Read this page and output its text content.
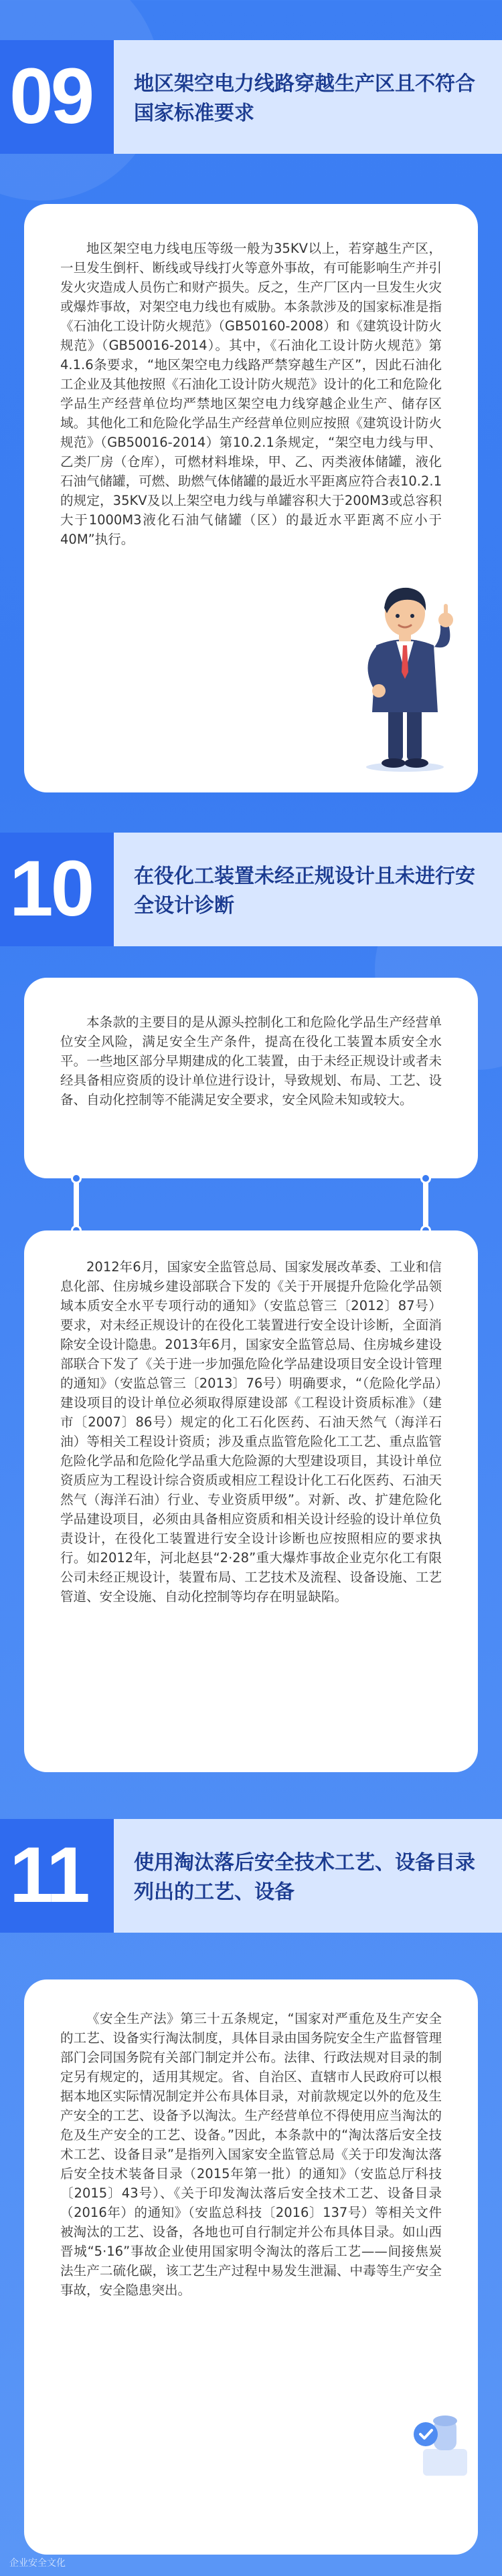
09	地区架空电力线路穿越生产区且不符合国家标准要求

地区架空电力线电压等级一般为35KV以上，若穿越生产区，一旦发生倒杆、断线或导线打火等意外事故，有可能影响生产并引发火灾造成人员伤亡和财产损失。反之，生产厂区内一旦发生火灾或爆炸事故，对架空电力线也有威胁。本条款涉及的国家标准是指《石油化工设计防火规范》（GB50160-2008）和《建筑设计防火规范》（GB50016-2014）。其中，《石油化工设计防火规范》第4.1.6条要求，“地区架空电力线路严禁穿越生产区”，因此石油化工企业及其他按照《石油化工设计防火规范》设计的化工和危险化学品生产经营单位均严禁地区架空电力线穿越企业生产、储存区域。其他化工和危险化学品生产经营单位则应按照《建筑设计防火规范》（GB50016-2014）第10.2.1条规定，“架空电力线与甲、乙类厂房（仓库），可燃材料堆垛，甲、乙、丙类液体储罐，液化石油气储罐，可燃、助燃气体储罐的最近水平距离应符合表10.2.1的规定，35KV及以上架空电力线与单罐容积大于200M3或总容积大于1000M3液化石油气储罐（区）的最近水平距离不应小于40M”执行。

10	在役化工装置未经正规设计且未进行安全设计诊断

本条款的主要目的是从源头控制化工和危险化学品生产经营单位安全风险，满足安全生产条件，提高在役化工装置本质安全水平。一些地区部分早期建成的化工装置，由于未经正规设计或者未经具备相应资质的设计单位进行设计，导致规划、布局、工艺、设备、自动化控制等不能满足安全要求，安全风险未知或较大。

2012年6月，国家安全监管总局、国家发展改革委、工业和信息化部、住房城乡建设部联合下发的《关于开展提升危险化学品领域本质安全水平专项行动的通知》（安监总管三〔2012〕87号）要求，对未经正规设计的在役化工装置进行安全设计诊断，全面消除安全设计隐患。2013年6月，国家安全监管总局、住房城乡建设部联合下发了《关于进一步加强危险化学品建设项目安全设计管理的通知》（安监总管三〔2013〕76号）明确要求，“（危险化学品）建设项目的设计单位必须取得原建设部《工程设计资质标准》（建市〔2007〕86号）规定的化工石化医药、石油天然气（海洋石油）等相关工程设计资质；涉及重点监管危险化工工艺、重点监管危险化学品和危险化学品重大危险源的大型建设项目，其设计单位资质应为工程设计综合资质或相应工程设计化工石化医药、石油天然气（海洋石油）行业、专业资质甲级”。对新、改、扩建危险化学品建设项目，必须由具备相应资质和相关设计经验的设计单位负责设计，在役化工装置进行安全设计诊断也应按照相应的要求执行。如2012年，河北赵县“2·28”重大爆炸事故企业克尔化工有限公司未经正规设计，装置布局、工艺技术及流程、设备设施、工艺管道、安全设施、自动化控制等均存在明显缺陷。

11	使用淘汰落后安全技术工艺、设备目录列出的工艺、设备

《安全生产法》第三十五条规定，“国家对严重危及生产安全的工艺、设备实行淘汰制度，具体目录由国务院安全生产监督管理部门会同国务院有关部门制定并公布。法律、行政法规对目录的制定另有规定的，适用其规定。省、自治区、直辖市人民政府可以根据本地区实际情况制定并公布具体目录，对前款规定以外的危及生产安全的工艺、设备予以淘汰。生产经营单位不得使用应当淘汰的危及生产安全的工艺、设备。”因此，本条款中的“淘汰落后安全技术工艺、设备目录”是指列入国家安全监管总局《关于印发淘汰落后安全技术装备目录（2015年第一批）的通知》（安监总厅科技〔2015〕43号）、《关于印发淘汰落后安全技术工艺、设备目录（2016年）的通知》（安监总科技〔2016〕137号）等相关文件被淘汰的工艺、设备，各地也可自行制定并公布具体目录。如山西晋城“5·16”事故企业使用国家明令淘汰的落后工艺——间接焦炭法生产二硫化碳，该工艺生产过程中易发生泄漏、中毒等生产安全事故，安全隐患突出。

企业安全文化
